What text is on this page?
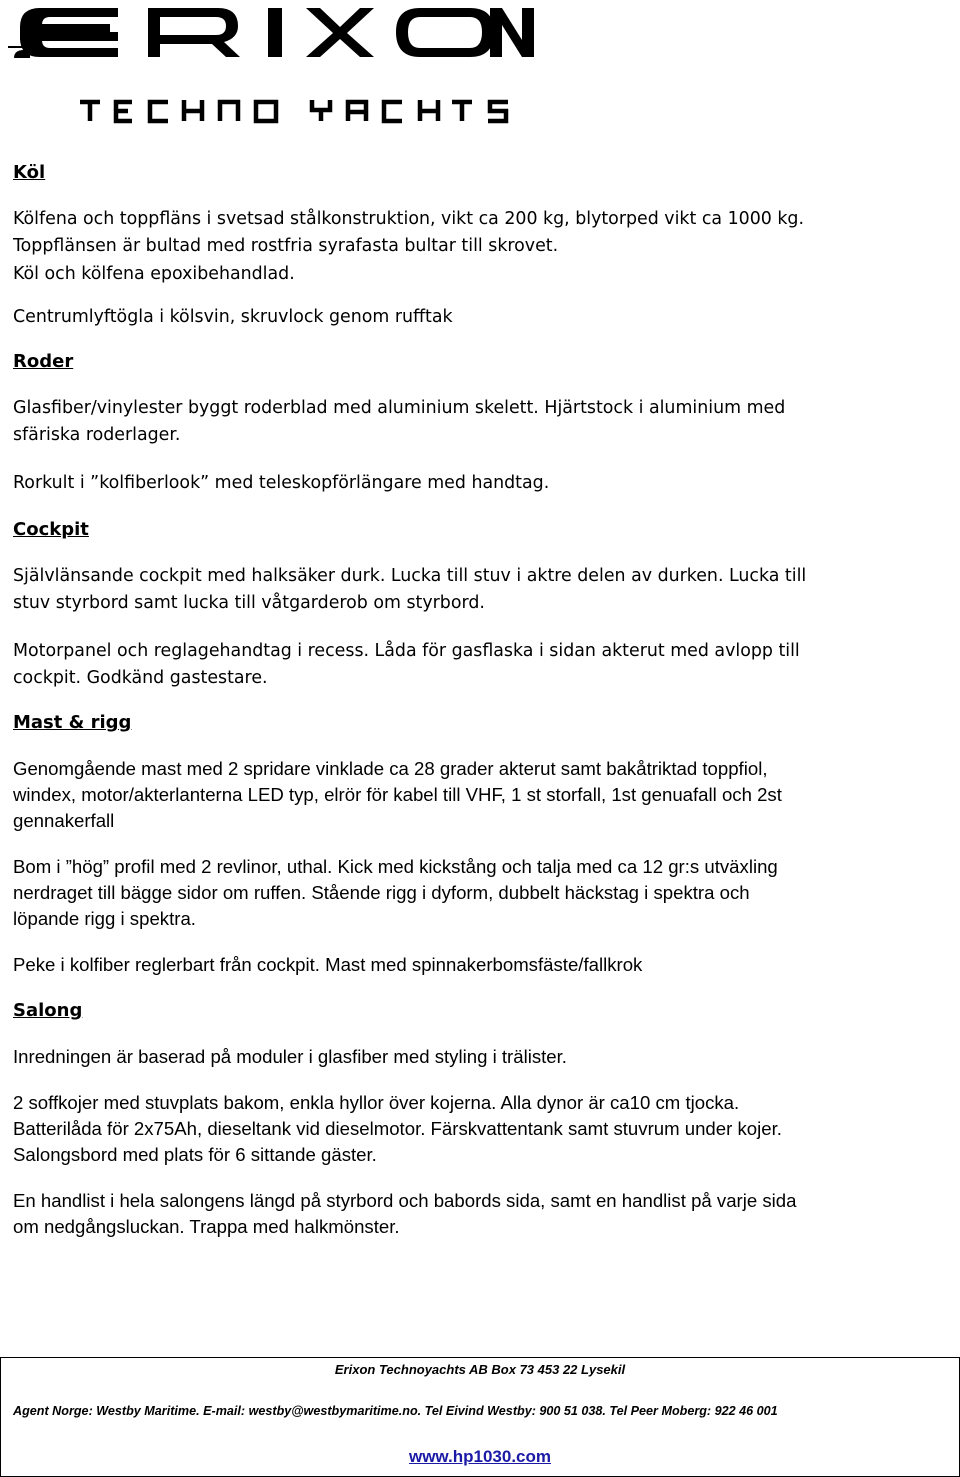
Köl

Kölfena och toppfläns i svetsad stålkonstruktion, vikt ca 200 kg, blytorped vikt ca 1000 kg.
Toppflänsen är bultad med rostfria syrafasta bultar till skrovet.
Köl och kölfena epoxibehandlad.

Centrumlyftögla i kölsvin, skruvlock genom rufftak

Roder

Glasfiber/vinylester byggt roderblad med aluminium skelett. Hjärtstock i aluminium med
sfäriska roderlager.

Rorkult i ”kolfiberlook” med teleskopförlängare med handtag.

Cockpit

Självlänsande cockpit med halksäker durk. Lucka till stuv i aktre delen av durken. Lucka till
stuv styrbord samt lucka till våtgarderob om styrbord.

Motorpanel och reglagehandtag i recess. Låda för gasflaska i sidan akterut med avlopp till
cockpit. Godkänd gastestare.

Mast & rigg

Genomgående mast med 2 spridare vinklade ca 28 grader akterut samt bakåtriktad toppfiol,
windex, motor/akterlanterna LED typ, elrör för kabel till VHF, 1 st storfall, 1st genuafall och 2st
gennakerfall

Bom i ”hög” profil med 2 revlinor, uthal. Kick med kickstång och talja med ca 12 gr:s utväxling
nerdraget till bägge sidor om ruffen. Stående rigg i dyform, dubbelt häckstag i spektra och
löpande rigg i spektra.

Peke i kolfiber reglerbart från cockpit. Mast med spinnakerbomsfäste/fallkrok

Salong

Inredningen är baserad på moduler i glasfiber med styling i trälister.

2 soffkojer med stuvplats bakom, enkla hyllor över kojerna. Alla dynor är ca10 cm tjocka.
Batterilåda för 2x75Ah, dieseltank vid dieselmotor. Färskvattentank samt stuvrum under kojer.
Salongsbord med plats för 6 sittande gäster.

En handlist i hela salongens längd på styrbord och babords sida, samt en handlist på varje sida
om nedgångsluckan. Trappa med halkmönster.

Erixon Technoyachts AB Box 73 453 22 Lysekil
Agent Norge: Westby Maritime. E-mail: westby@westbymaritime.no. Tel Eivind Westby: 900 51 038. Tel Peer Moberg: 922 46 001
www.hp1030.com
